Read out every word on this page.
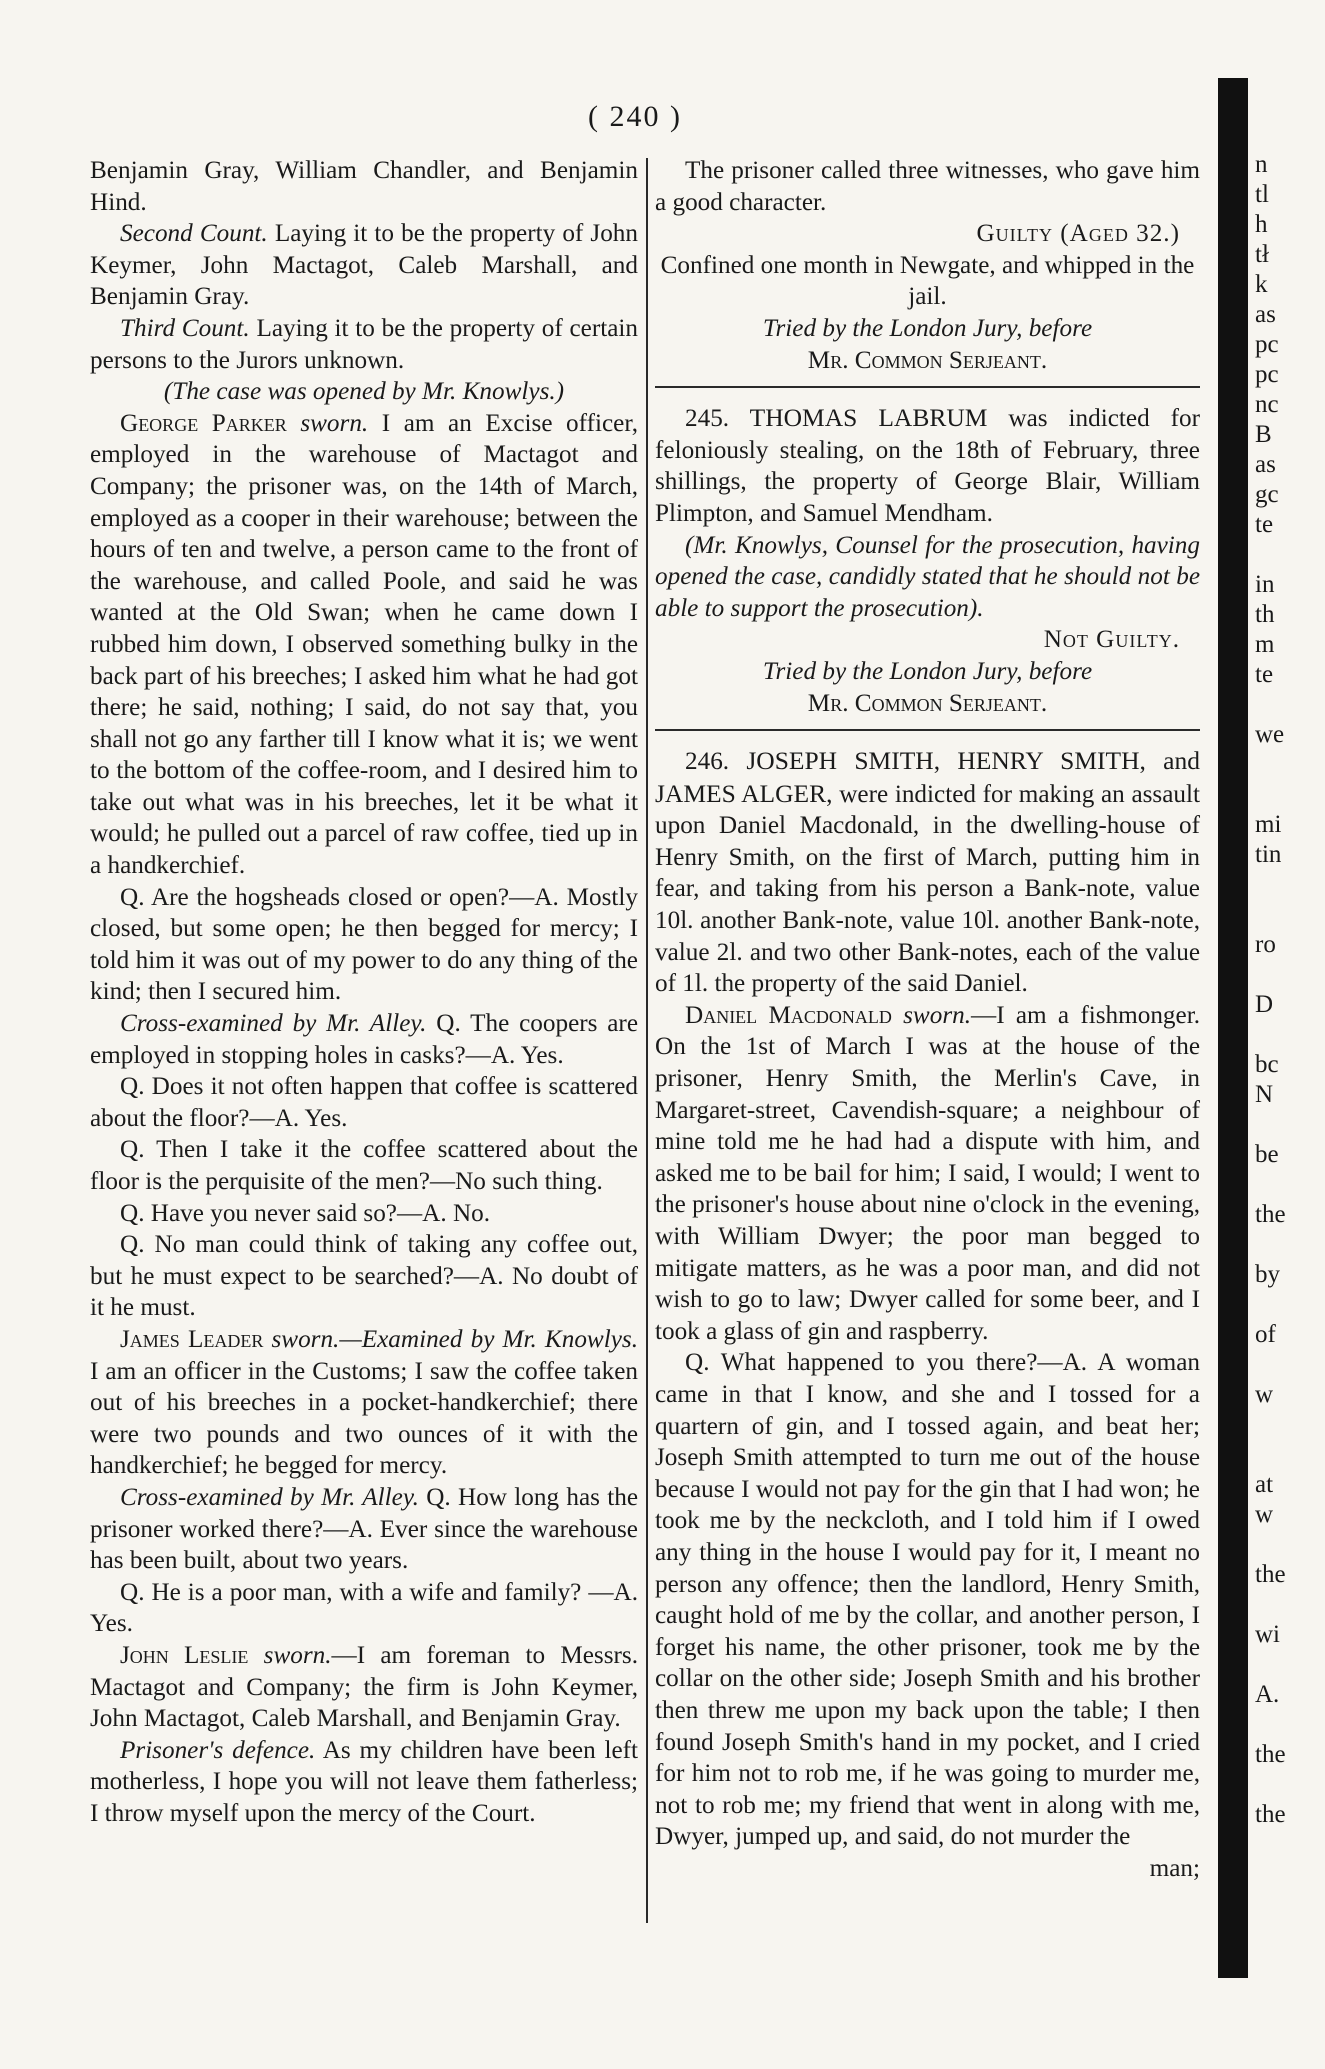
( 240 )

Benjamin Gray, William Chandler, and Benjamin Hind.

Second Count. Laying it to be the property of John Keymer, John Mactagot, Caleb Marshall, and Benjamin Gray.

Third Count. Laying it to be the property of certain persons to the Jurors unknown.

(The case was opened by Mr. Knowlys.)

George Parker sworn. I am an Excise officer, employed in the warehouse of Mactagot and Company; the prisoner was, on the 14th of March, employed as a cooper in their warehouse; between the hours of ten and twelve, a person came to the front of the warehouse, and called Poole, and said he was wanted at the Old Swan; when he came down I rubbed him down, I observed something bulky in the back part of his breeches; I asked him what he had got there; he said, nothing; I said, do not say that, you shall not go any farther till I know what it is; we went to the bottom of the coffee-room, and I desired him to take out what was in his breeches, let it be what it would; he pulled out a parcel of raw coffee, tied up in a handkerchief.

Q. Are the hogsheads closed or open?—A. Mostly closed, but some open; he then begged for mercy; I told him it was out of my power to do any thing of the kind; then I secured him.

Cross-examined by Mr. Alley. Q. The coopers are employed in stopping holes in casks?—A. Yes.

Q. Does it not often happen that coffee is scattered about the floor?—A. Yes.

Q. Then I take it the coffee scattered about the floor is the perquisite of the men?—No such thing.

Q. Have you never said so?—A. No.

Q. No man could think of taking any coffee out, but he must expect to be searched?—A. No doubt of it he must.

James Leader sworn.—Examined by Mr. Knowlys. I am an officer in the Customs; I saw the coffee taken out of his breeches in a pocket-handkerchief; there were two pounds and two ounces of it with the handkerchief; he begged for mercy.

Cross-examined by Mr. Alley. Q. How long has the prisoner worked there?—A. Ever since the warehouse has been built, about two years.

Q. He is a poor man, with a wife and family? —A. Yes.

John Leslie sworn.—I am foreman to Messrs. Mactagot and Company; the firm is John Keymer, John Mactagot, Caleb Marshall, and Benjamin Gray.

Prisoner's defence. As my children have been left motherless, I hope you will not leave them fatherless; I throw myself upon the mercy of the Court.

The prisoner called three witnesses, who gave him a good character.

Guilty (Aged 32.)

Confined one month in Newgate, and whipped in the jail.

Tried by the London Jury, before

Mr. Common Serjeant.

245. THOMAS LABRUM was indicted for feloniously stealing, on the 18th of February, three shillings, the property of George Blair, William Plimpton, and Samuel Mendham.

(Mr. Knowlys, Counsel for the prosecution, having opened the case, candidly stated that he should not be able to support the prosecution).

Not Guilty.

Tried by the London Jury, before

Mr. Common Serjeant.

246. JOSEPH SMITH, HENRY SMITH, and JAMES ALGER, were indicted for making an assault upon Daniel Macdonald, in the dwelling-house of Henry Smith, on the first of March, putting him in fear, and taking from his person a Bank-note, value 10l. another Bank-note, value 10l. another Bank-note, value 2l. and two other Bank-notes, each of the value of 1l. the property of the said Daniel.

Daniel Macdonald sworn.—I am a fishmonger. On the 1st of March I was at the house of the prisoner, Henry Smith, the Merlin's Cave, in Margaret-street, Cavendish-square; a neighbour of mine told me he had had a dispute with him, and asked me to be bail for him; I said, I would; I went to the prisoner's house about nine o'clock in the evening, with William Dwyer; the poor man begged to mitigate matters, as he was a poor man, and did not wish to go to law; Dwyer called for some beer, and I took a glass of gin and raspberry.

Q. What happened to you there?—A. A woman came in that I know, and she and I tossed for a quartern of gin, and I tossed again, and beat her; Joseph Smith attempted to turn me out of the house because I would not pay for the gin that I had won; he took me by the neckcloth, and I told him if I owed any thing in the house I would pay for it, I meant no person any offence; then the landlord, Henry Smith, caught hold of me by the collar, and another person, I forget his name, the other prisoner, took me by the collar on the other side; Joseph Smith and his brother then threw me upon my back upon the table; I then found Joseph Smith's hand in my pocket, and I cried for him not to rob me, if he was going to murder me, not to rob me; my friend that went in along with me, Dwyer, jumped up, and said, do not murder the

man;

n
tl
h
tł
k
as
pc
pc
nc
B
as
gc
te
in
th
m
te
we
mi
tin
ro
D
bc
N
be
the
by
of
w
at
w
the
wi
A.
the
the
